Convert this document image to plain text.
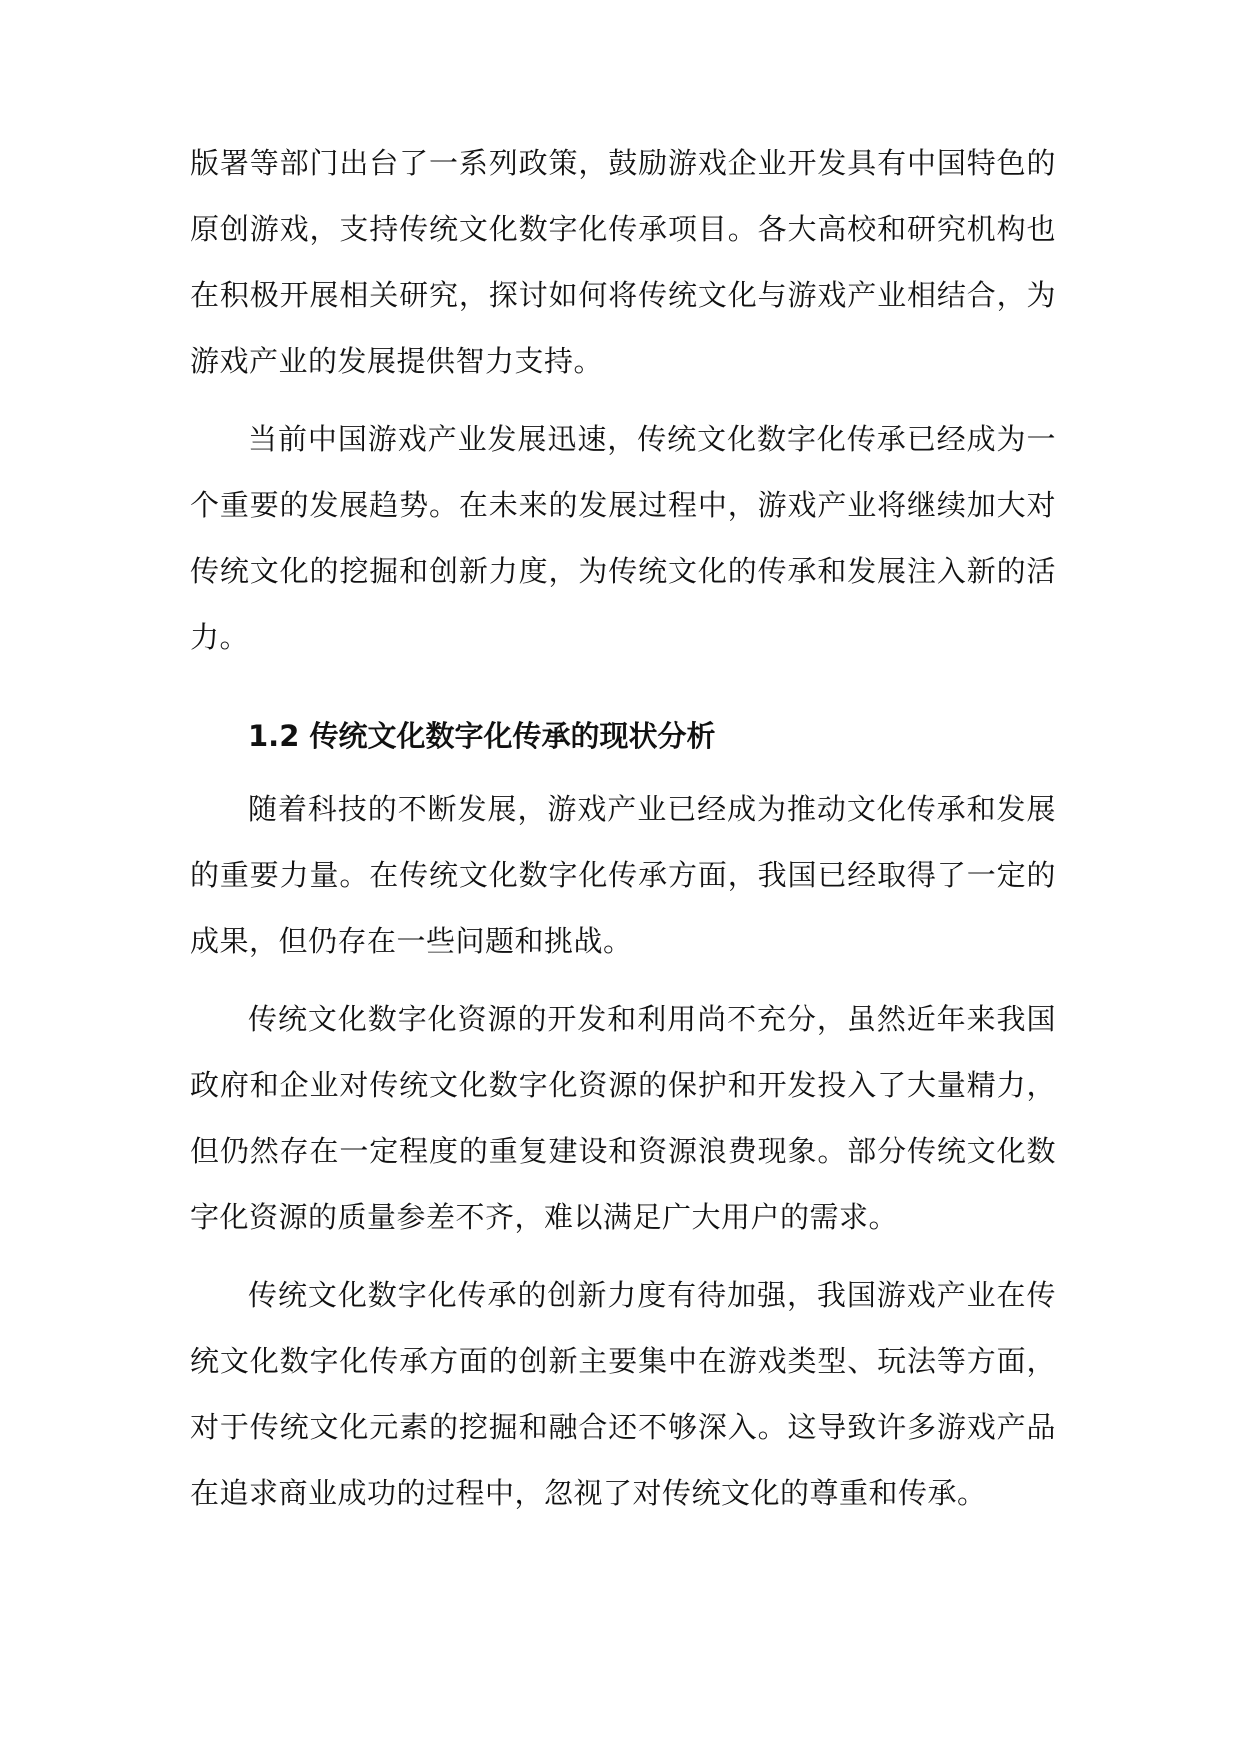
版署等部门出台了一系列政策，鼓励游戏企业开发具有中国特色的原创游戏，支持传统文化数字化传承项目。各大高校和研究机构也在积极开展相关研究，探讨如何将传统文化与游戏产业相结合，为游戏产业的发展提供智力支持。

当前中国游戏产业发展迅速，传统文化数字化传承已经成为一个重要的发展趋势。在未来的发展过程中，游戏产业将继续加大对传统文化的挖掘和创新力度，为传统文化的传承和发展注入新的活力。

1.2 传统文化数字化传承的现状分析

随着科技的不断发展，游戏产业已经成为推动文化传承和发展的重要力量。在传统文化数字化传承方面，我国已经取得了一定的成果，但仍存在一些问题和挑战。

传统文化数字化资源的开发和利用尚不充分，虽然近年来我国政府和企业对传统文化数字化资源的保护和开发投入了大量精力，但仍然存在一定程度的重复建设和资源浪费现象。部分传统文化数字化资源的质量参差不齐，难以满足广大用户的需求。

传统文化数字化传承的创新力度有待加强，我国游戏产业在传统文化数字化传承方面的创新主要集中在游戏类型、玩法等方面，对于传统文化元素的挖掘和融合还不够深入。这导致许多游戏产品在追求商业成功的过程中，忽视了对传统文化的尊重和传承。
